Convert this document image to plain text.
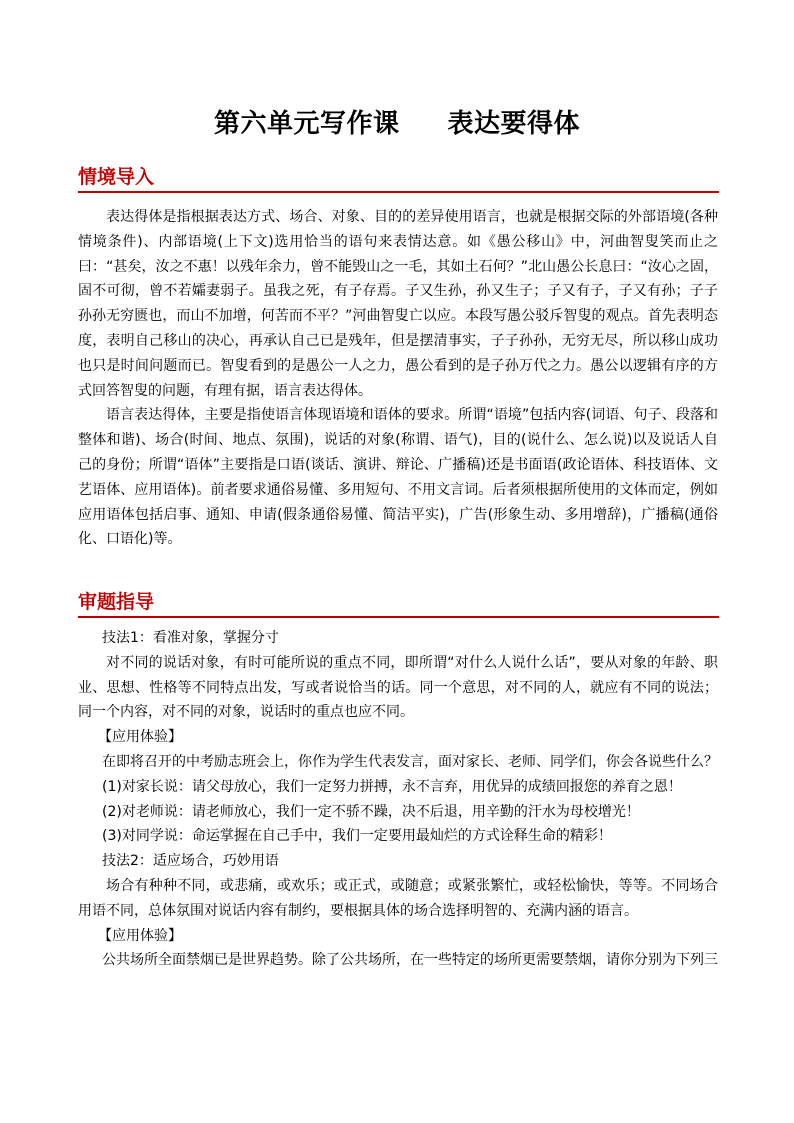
第六单元写作课 表达要得体
情境导入

表达得体是指根据表达方式、场合、对象、目的的差异使用语言，也就是根据交际的外部语境(各种情境条件)、内部语境(上下文)选用恰当的语句来表情达意。如《愚公移山》中，河曲智叟笑而止之曰：“甚矣，汝之不惠！以残年余力，曾不能毁山之一毛，其如土石何？”北山愚公长息曰：“汝心之固，固不可彻，曾不若孀妻弱子。虽我之死，有子存焉。子又生孙，孙又生子；子又有子，子又有孙；子子孙孙无穷匮也，而山不加增，何苦而不平？”河曲智叟亡以应。本段写愚公驳斥智叟的观点。首先表明态度，表明自己移山的决心，再承认自己已是残年，但是摆清事实，子子孙孙，无穷无尽，所以移山成功也只是时间问题而已。智叟看到的是愚公一人之力，愚公看到的是子孙万代之力。愚公以逻辑有序的方式回答智叟的问题，有理有据，语言表达得体。

语言表达得体，主要是指使语言体现语境和语体的要求。所谓“语境”包括内容(词语、句子、段落和整体和谐)、场合(时间、地点、氛围)，说话的对象(称谓、语气)，目的(说什么、怎么说)以及说话人自己的身份；所谓“语体”主要指是口语(谈话、演讲、辩论、广播稿)还是书面语(政论语体、科技语体、文艺语体、应用语体)。前者要求通俗易懂、多用短句、不用文言词。后者须根据所使用的文体而定，例如应用语体包括启事、通知、申请(假条通俗易懂、简洁平实)，广告(形象生动、多用增辞)，广播稿(通俗化、口语化)等。

审题指导

技法1：看准对象，掌握分寸

对不同的说话对象，有时可能所说的重点不同，即所谓“对什么人说什么话”，要从对象的年龄、职业、思想、性格等不同特点出发，写或者说恰当的话。同一个意思，对不同的人，就应有不同的说法；同一个内容，对不同的对象，说话时的重点也应不同。

【应用体验】

在即将召开的中考励志班会上，你作为学生代表发言，面对家长、老师、同学们，你会各说些什么？

(1)对家长说：请父母放心，我们一定努力拼搏，永不言弃，用优异的成绩回报您的养育之恩！

(2)对老师说：请老师放心，我们一定不骄不躁，决不后退，用辛勤的汗水为母校增光！

(3)对同学说：命运掌握在自己手中，我们一定要用最灿烂的方式诠释生命的精彩！

技法2：适应场合，巧妙用语

场合有种种不同，或悲痛，或欢乐；或正式，或随意；或紧张繁忙，或轻松愉快，等等。不同场合用语不同，总体氛围对说话内容有制约，要根据具体的场合选择明智的、充满内涵的语言。

【应用体验】

公共场所全面禁烟已是世界趋势。除了公共场所，在一些特定的场所更需要禁烟，请你分别为下列三
